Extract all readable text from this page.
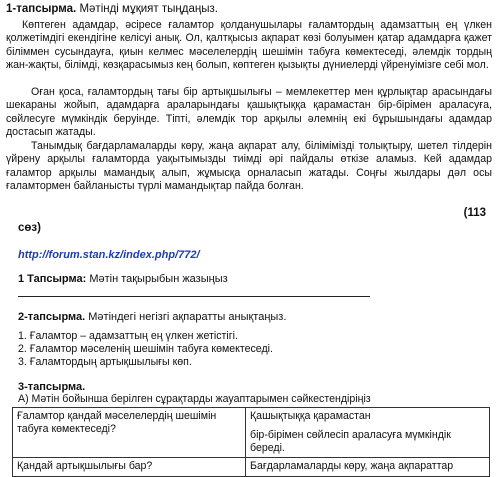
1-тапсырма. Мәтінді мұқият тыңдаңыз.
Көптеген адамдар, әсіресе ғаламтор қолданушылары ғаламтордың адамзаттың ең үлкен қолжетімдігі екендігіне келісуі анық. Ол, қалтқысыз ақпарат көзі болуымен қатар адамдарға қажет біліммен сусындауға, қиын келмес мәселелердің шешімін табуға көмектеседі, әлемдік тордың жан-жақты, білімді, көзқарасымыз кең болып, көптеген қызықты дүниелерді үйренуімізге себі мол.
Оған қоса, ғаламтордың тағы бір артықшылығы – мемлекеттер мен құрлықтар арасындағы шекараны жойып, адамдарға араларындағы қашықтыққа қарамастан бір-бірімен араласуға, сөйлесуге мүмкіндік беруінде. Тіпті, әлемдік тор арқылы әлемнің екі бұрышындағы адамдар достасып жатады.
Танымдық бағдарламаларды көру, жаңа ақпарат алу, білімімізді толықтыру, шетел тілдерін үйрену арқылы ғаламторда уақытымызды тиімді әрі пайдалы өткізе аламыз. Кей адамдар ғаламтор арқылы мамандық алып, жұмысқа орналасып жатады. Соңғы жылдары дәл осы ғаламтормен байланысты түрлі мамандықтар пайда болған.
(113
сөз)
http://forum.stan.kz/index.php/772/
1 Тапсырма: Мәтін тақырыбын жазыңыз
2-тапсырма. Мәтіндегі негізгі ақпаратты анықтаңыз.
1. Ғаламтор – адамзаттың ең үлкен жетістігі.
2. Ғаламтор мәселенің шешімін табуға көмектеседі.
3. Ғаламтордың артықшылығы көп.
3-тапсырма.
А) Мәтін бойынша берілген сұрақтарды жауаптарымен сәйкестендіріңіз
Ғаламтор қандай мәселелердің шешімін табуға көмектеседі?	Қашықтыққа қарамастан
бір-бірімен сөйлесіп араласуға мүмкіндік береді.

Қандай артықшылығы бар?	Бағдарламаларды көру, жаңа ақпараттар
